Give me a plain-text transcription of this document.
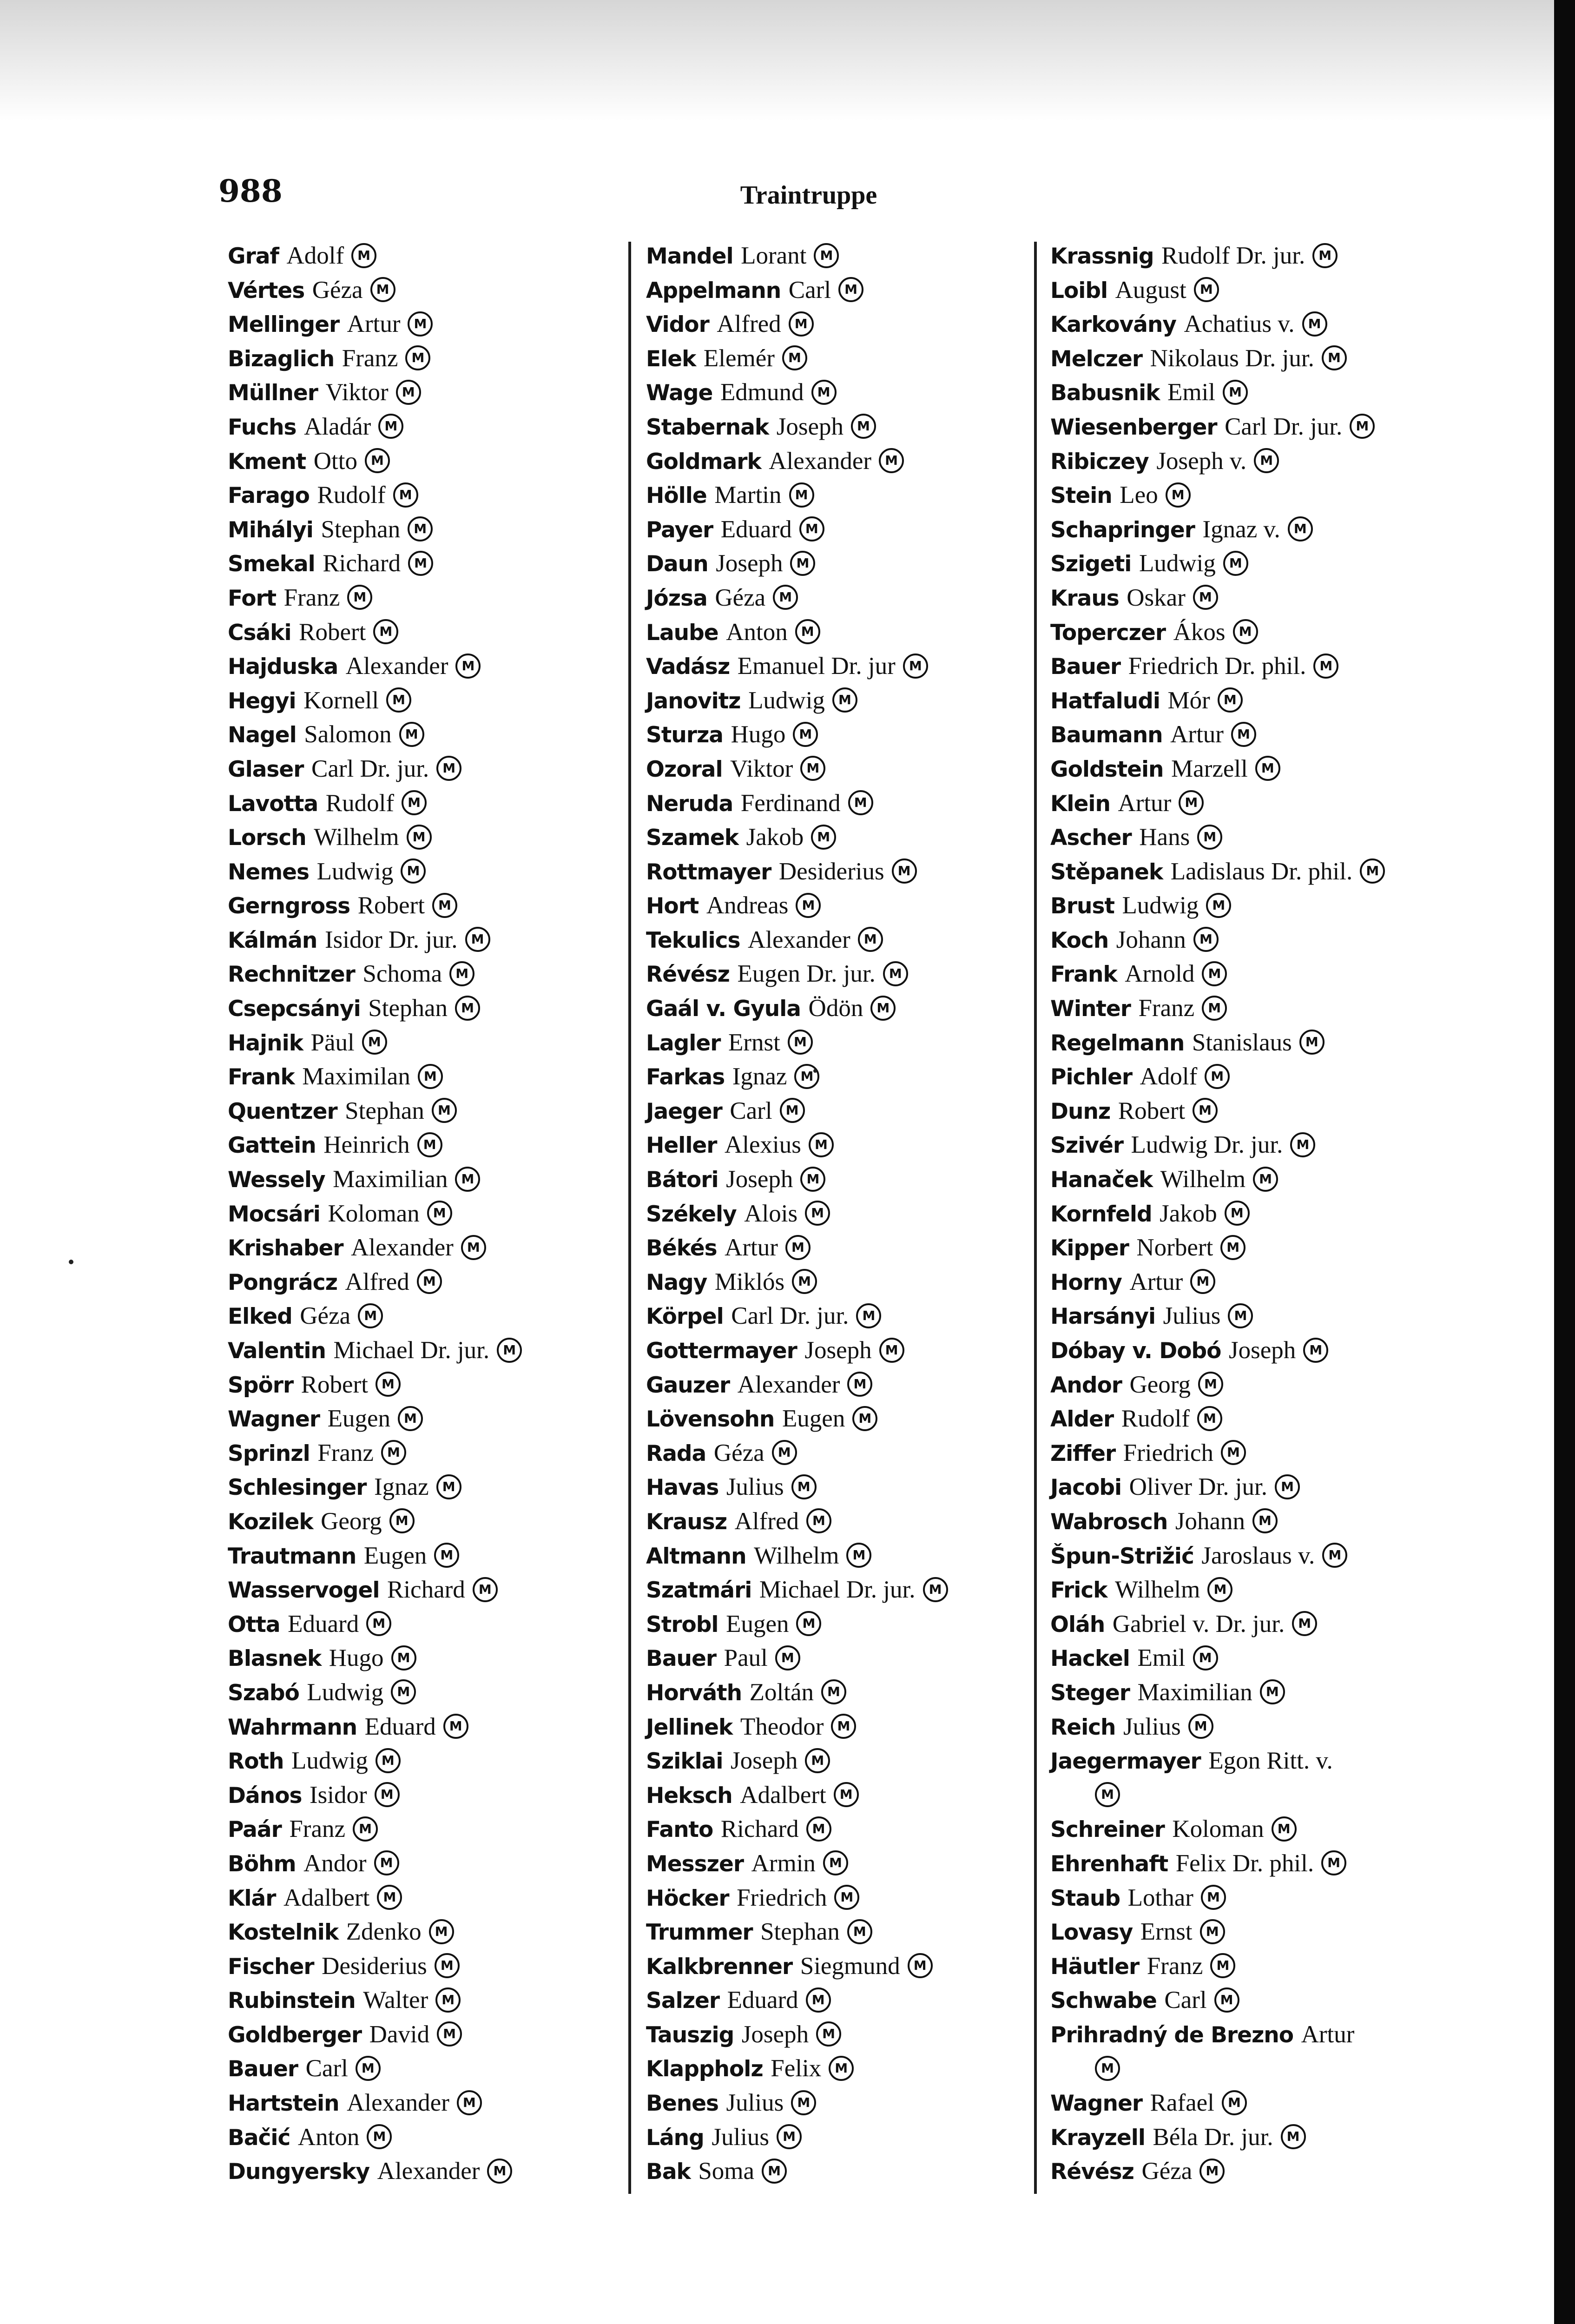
988	Traintruppe
Graf Adolf M
Vértes Géza M
Mellinger Artur M
Bizaglich Franz M
Müllner Viktor M
Fuchs Aladár M
Kment Otto M
Farago Rudolf M
Mihályi Stephan M
Smekal Richard M
Fort Franz M
Csáki Robert M
Hajduska Alexander M
Hegyi Kornell M
Nagel Salomon M
Glaser Carl Dr. jur. M
Lavotta Rudolf M
Lorsch Wilhelm M
Nemes Ludwig M
Gerngross Robert M
Kálmán Isidor Dr. jur. M
Rechnitzer Schoma M
Csepcsányi Stephan M
Hajnik Päul M
Frank Maximilan M
Quentzer Stephan M
Gattein Heinrich M
Wessely Maximilian M
Mocsári Koloman M
Krishaber Alexander M
Pongrácz Alfred M
Elked Géza M
Valentin Michael Dr. jur. M
Spörr Robert M
Wagner Eugen M
Sprinzl Franz M
Schlesinger Ignaz M
Kozilek Georg M
Trautmann Eugen M
Wasservogel Richard M
Otta Eduard M
Blasnek Hugo M
Szabó Ludwig M
Wahrmann Eduard M
Roth Ludwig M
Dános Isidor M
Paár Franz M
Böhm Andor M
Klár Adalbert M
Kostelnik Zdenko M
Fischer Desiderius M
Rubinstein Walter M
Goldberger David M
Bauer Carl M
Hartstein Alexander M
Bačić Anton M
Dungyersky Alexander M
Mandel Lorant M
Appelmann Carl M
Vidor Alfred M
Elek Elemér M
Wage Edmund M
Stabernak Joseph M
Goldmark Alexander M
Hölle Martin M
Payer Eduard M
Daun Joseph M
Józsa Géza M
Laube Anton M
Vadász Emanuel Dr. jur M
Janovitz Ludwig M
Sturza Hugo M
Ozoral Viktor M
Neruda Ferdinand M
Szamek Jakob M
Rottmayer Desiderius M
Hort Andreas M
Tekulics Alexander M
Révész Eugen Dr. jur. M
Gaál v. Gyula Ödön M
Lagler Ernst M
Farkas Ignaz M
Jaeger Carl M
Heller Alexius M
Bátori Joseph M
Székely Alois M
Békés Artur M
Nagy Miklós M
Körpel Carl Dr. jur. M
Gottermayer Joseph M
Gauzer Alexander M
Lövensohn Eugen M
Rada Géza M
Havas Julius M
Krausz Alfred M
Altmann Wilhelm M
Szatmári Michael Dr. jur. M
Strobl Eugen M
Bauer Paul M
Horváth Zoltán M
Jellinek Theodor M
Sziklai Joseph M
Heksch Adalbert M
Fanto Richard M
Messzer Armin M
Höcker Friedrich M
Trummer Stephan M
Kalkbrenner Siegmund M
Salzer Eduard M
Tauszig Joseph M
Klappholz Felix M
Benes Julius M
Láng Julius M
Bak Soma M
Krassnig Rudolf Dr. jur. M
Loibl August M
Karkovány Achatius v. M
Melczer Nikolaus Dr. jur. M
Babusnik Emil M
Wiesenberger Carl Dr. jur. M
Ribiczey Joseph v. M
Stein Leo M
Schapringer Ignaz v. M
Szigeti Ludwig M
Kraus Oskar M
Toperczer Ákos M
Bauer Friedrich Dr. phil. M
Hatfaludi Mór M
Baumann Artur M
Goldstein Marzell M
Klein Artur M
Ascher Hans M
Stěpanek Ladislaus Dr. phil. M
Brust Ludwig M
Koch Johann M
Frank Arnold M
Winter Franz M
Regelmann Stanislaus M
Pichler Adolf M
Dunz Robert M
Szivér Ludwig Dr. jur. M
Hanaček Wilhelm M
Kornfeld Jakob M
Kipper Norbert M
Horny Artur M
Harsányi Julius M
Dóbay v. Dobó Joseph M
Andor Georg M
Alder Rudolf M
Ziffer Friedrich M
Jacobi Oliver Dr. jur. M
Wabrosch Johann M
Špun-Strižić Jaroslaus v. M
Frick Wilhelm M
Oláh Gabriel v. Dr. jur. M
Hackel Emil M
Steger Maximilian M
Reich Julius M
Jaegermayer Egon Ritt. v.
M
Schreiner Koloman M
Ehrenhaft Felix Dr. phil. M
Staub Lothar M
Lovasy Ernst M
Häutler Franz M
Schwabe Carl M
Prihradný de Brezno Artur
M
Wagner Rafael M
Krayzell Béla Dr. jur. M
Révész Géza M
